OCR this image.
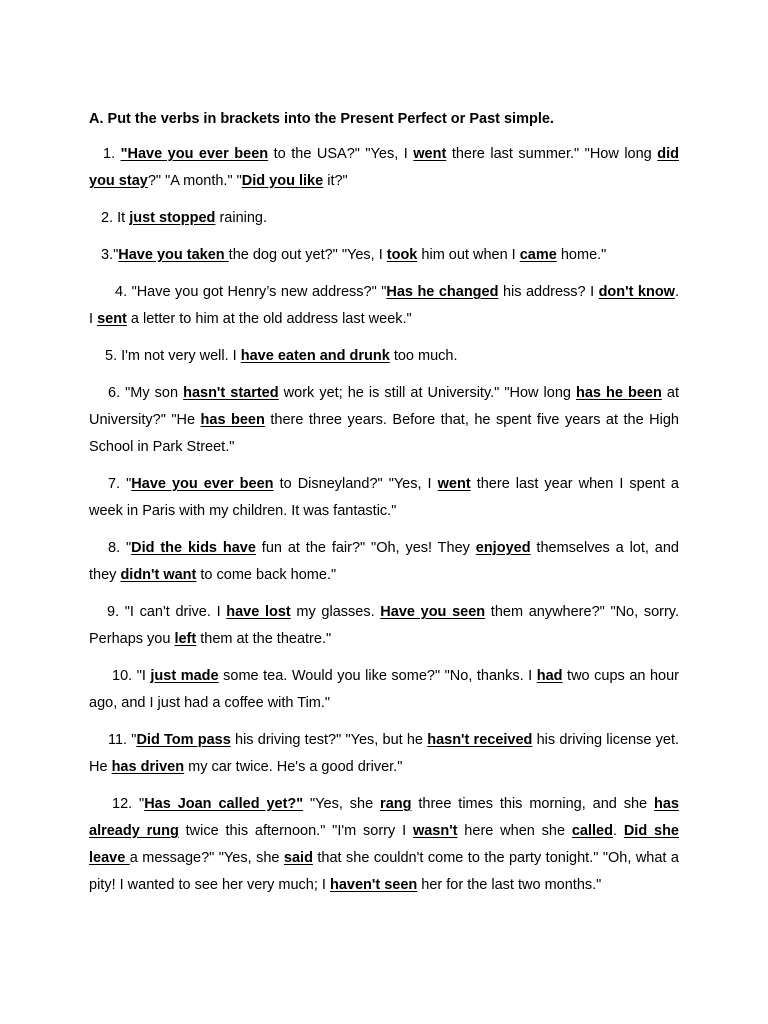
A. Put the verbs in brackets into the Present Perfect or Past simple.

1. "Have you ever been to the USA?" "Yes, I went there last summer." "How long did you stay?" "A month." "Did you like it?"

2. It just stopped raining.

3."Have you taken the dog out yet?" "Yes, I took him out when I came home."

4. "Have you got Henry’s new address?" "Has he changed his address? I don't know. I sent a letter to him at the old address last week."

5. I'm not very well. I have eaten and drunk too much.

6. "My son hasn't started work yet; he is still at University." "How long has he been at University?" "He has been there three years. Before that, he spent five years at the High School in Park Street."

7. "Have you ever been to Disneyland?" "Yes, I went there last year when I spent a week in Paris with my children. It was fantastic."

8. "Did the kids have fun at the fair?" "Oh, yes! They enjoyed themselves a lot, and they didn't want to come back home."

9. "I can't drive. I have lost my glasses. Have you seen them anywhere?" "No, sorry. Perhaps you left them at the theatre."

10. "I just made some tea. Would you like some?" "No, thanks. I had two cups an hour ago, and I just had a coffee with Tim."

11. "Did Tom pass his driving test?" "Yes, but he hasn't received his driving license yet. He has driven my car twice. He's a good driver."

12. "Has Joan called yet?" "Yes, she rang three times this morning, and she has already rung twice this afternoon." "I'm sorry I wasn't here when she called. Did she leave a message?" "Yes, she said that she couldn't come to the party tonight." "Oh, what a pity! I wanted to see her very much; I haven't seen her for the last two months."
